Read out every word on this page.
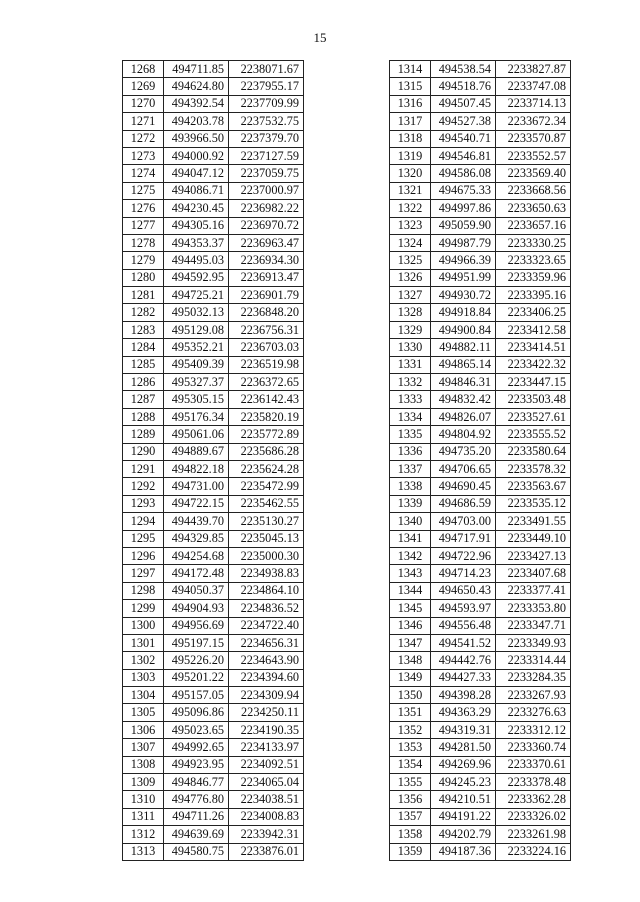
15
1268	494711.85	2238071.67
1269	494624.80	2237955.17
1270	494392.54	2237709.99
1271	494203.78	2237532.75
1272	493966.50	2237379.70
1273	494000.92	2237127.59
1274	494047.12	2237059.75
1275	494086.71	2237000.97
1276	494230.45	2236982.22
1277	494305.16	2236970.72
1278	494353.37	2236963.47
1279	494495.03	2236934.30
1280	494592.95	2236913.47
1281	494725.21	2236901.79
1282	495032.13	2236848.20
1283	495129.08	2236756.31
1284	495352.21	2236703.03
1285	495409.39	2236519.98
1286	495327.37	2236372.65
1287	495305.15	2236142.43
1288	495176.34	2235820.19
1289	495061.06	2235772.89
1290	494889.67	2235686.28
1291	494822.18	2235624.28
1292	494731.00	2235472.99
1293	494722.15	2235462.55
1294	494439.70	2235130.27
1295	494329.85	2235045.13
1296	494254.68	2235000.30
1297	494172.48	2234938.83
1298	494050.37	2234864.10
1299	494904.93	2234836.52
1300	494956.69	2234722.40
1301	495197.15	2234656.31
1302	495226.20	2234643.90
1303	495201.22	2234394.60
1304	495157.05	2234309.94
1305	495096.86	2234250.11
1306	495023.65	2234190.35
1307	494992.65	2234133.97
1308	494923.95	2234092.51
1309	494846.77	2234065.04
1310	494776.80	2234038.51
1311	494711.26	2234008.83
1312	494639.69	2233942.31
1313	494580.75	2233876.01
1314	494538.54	2233827.87
1315	494518.76	2233747.08
1316	494507.45	2233714.13
1317	494527.38	2233672.34
1318	494540.71	2233570.87
1319	494546.81	2233552.57
1320	494586.08	2233569.40
1321	494675.33	2233668.56
1322	494997.86	2233650.63
1323	495059.90	2233657.16
1324	494987.79	2233330.25
1325	494966.39	2233323.65
1326	494951.99	2233359.96
1327	494930.72	2233395.16
1328	494918.84	2233406.25
1329	494900.84	2233412.58
1330	494882.11	2233414.51
1331	494865.14	2233422.32
1332	494846.31	2233447.15
1333	494832.42	2233503.48
1334	494826.07	2233527.61
1335	494804.92	2233555.52
1336	494735.20	2233580.64
1337	494706.65	2233578.32
1338	494690.45	2233563.67
1339	494686.59	2233535.12
1340	494703.00	2233491.55
1341	494717.91	2233449.10
1342	494722.96	2233427.13
1343	494714.23	2233407.68
1344	494650.43	2233377.41
1345	494593.97	2233353.80
1346	494556.48	2233347.71
1347	494541.52	2233349.93
1348	494442.76	2233314.44
1349	494427.33	2233284.35
1350	494398.28	2233267.93
1351	494363.29	2233276.63
1352	494319.31	2233312.12
1353	494281.50	2233360.74
1354	494269.96	2233370.61
1355	494245.23	2233378.48
1356	494210.51	2233362.28
1357	494191.22	2233326.02
1358	494202.79	2233261.98
1359	494187.36	2233224.16
